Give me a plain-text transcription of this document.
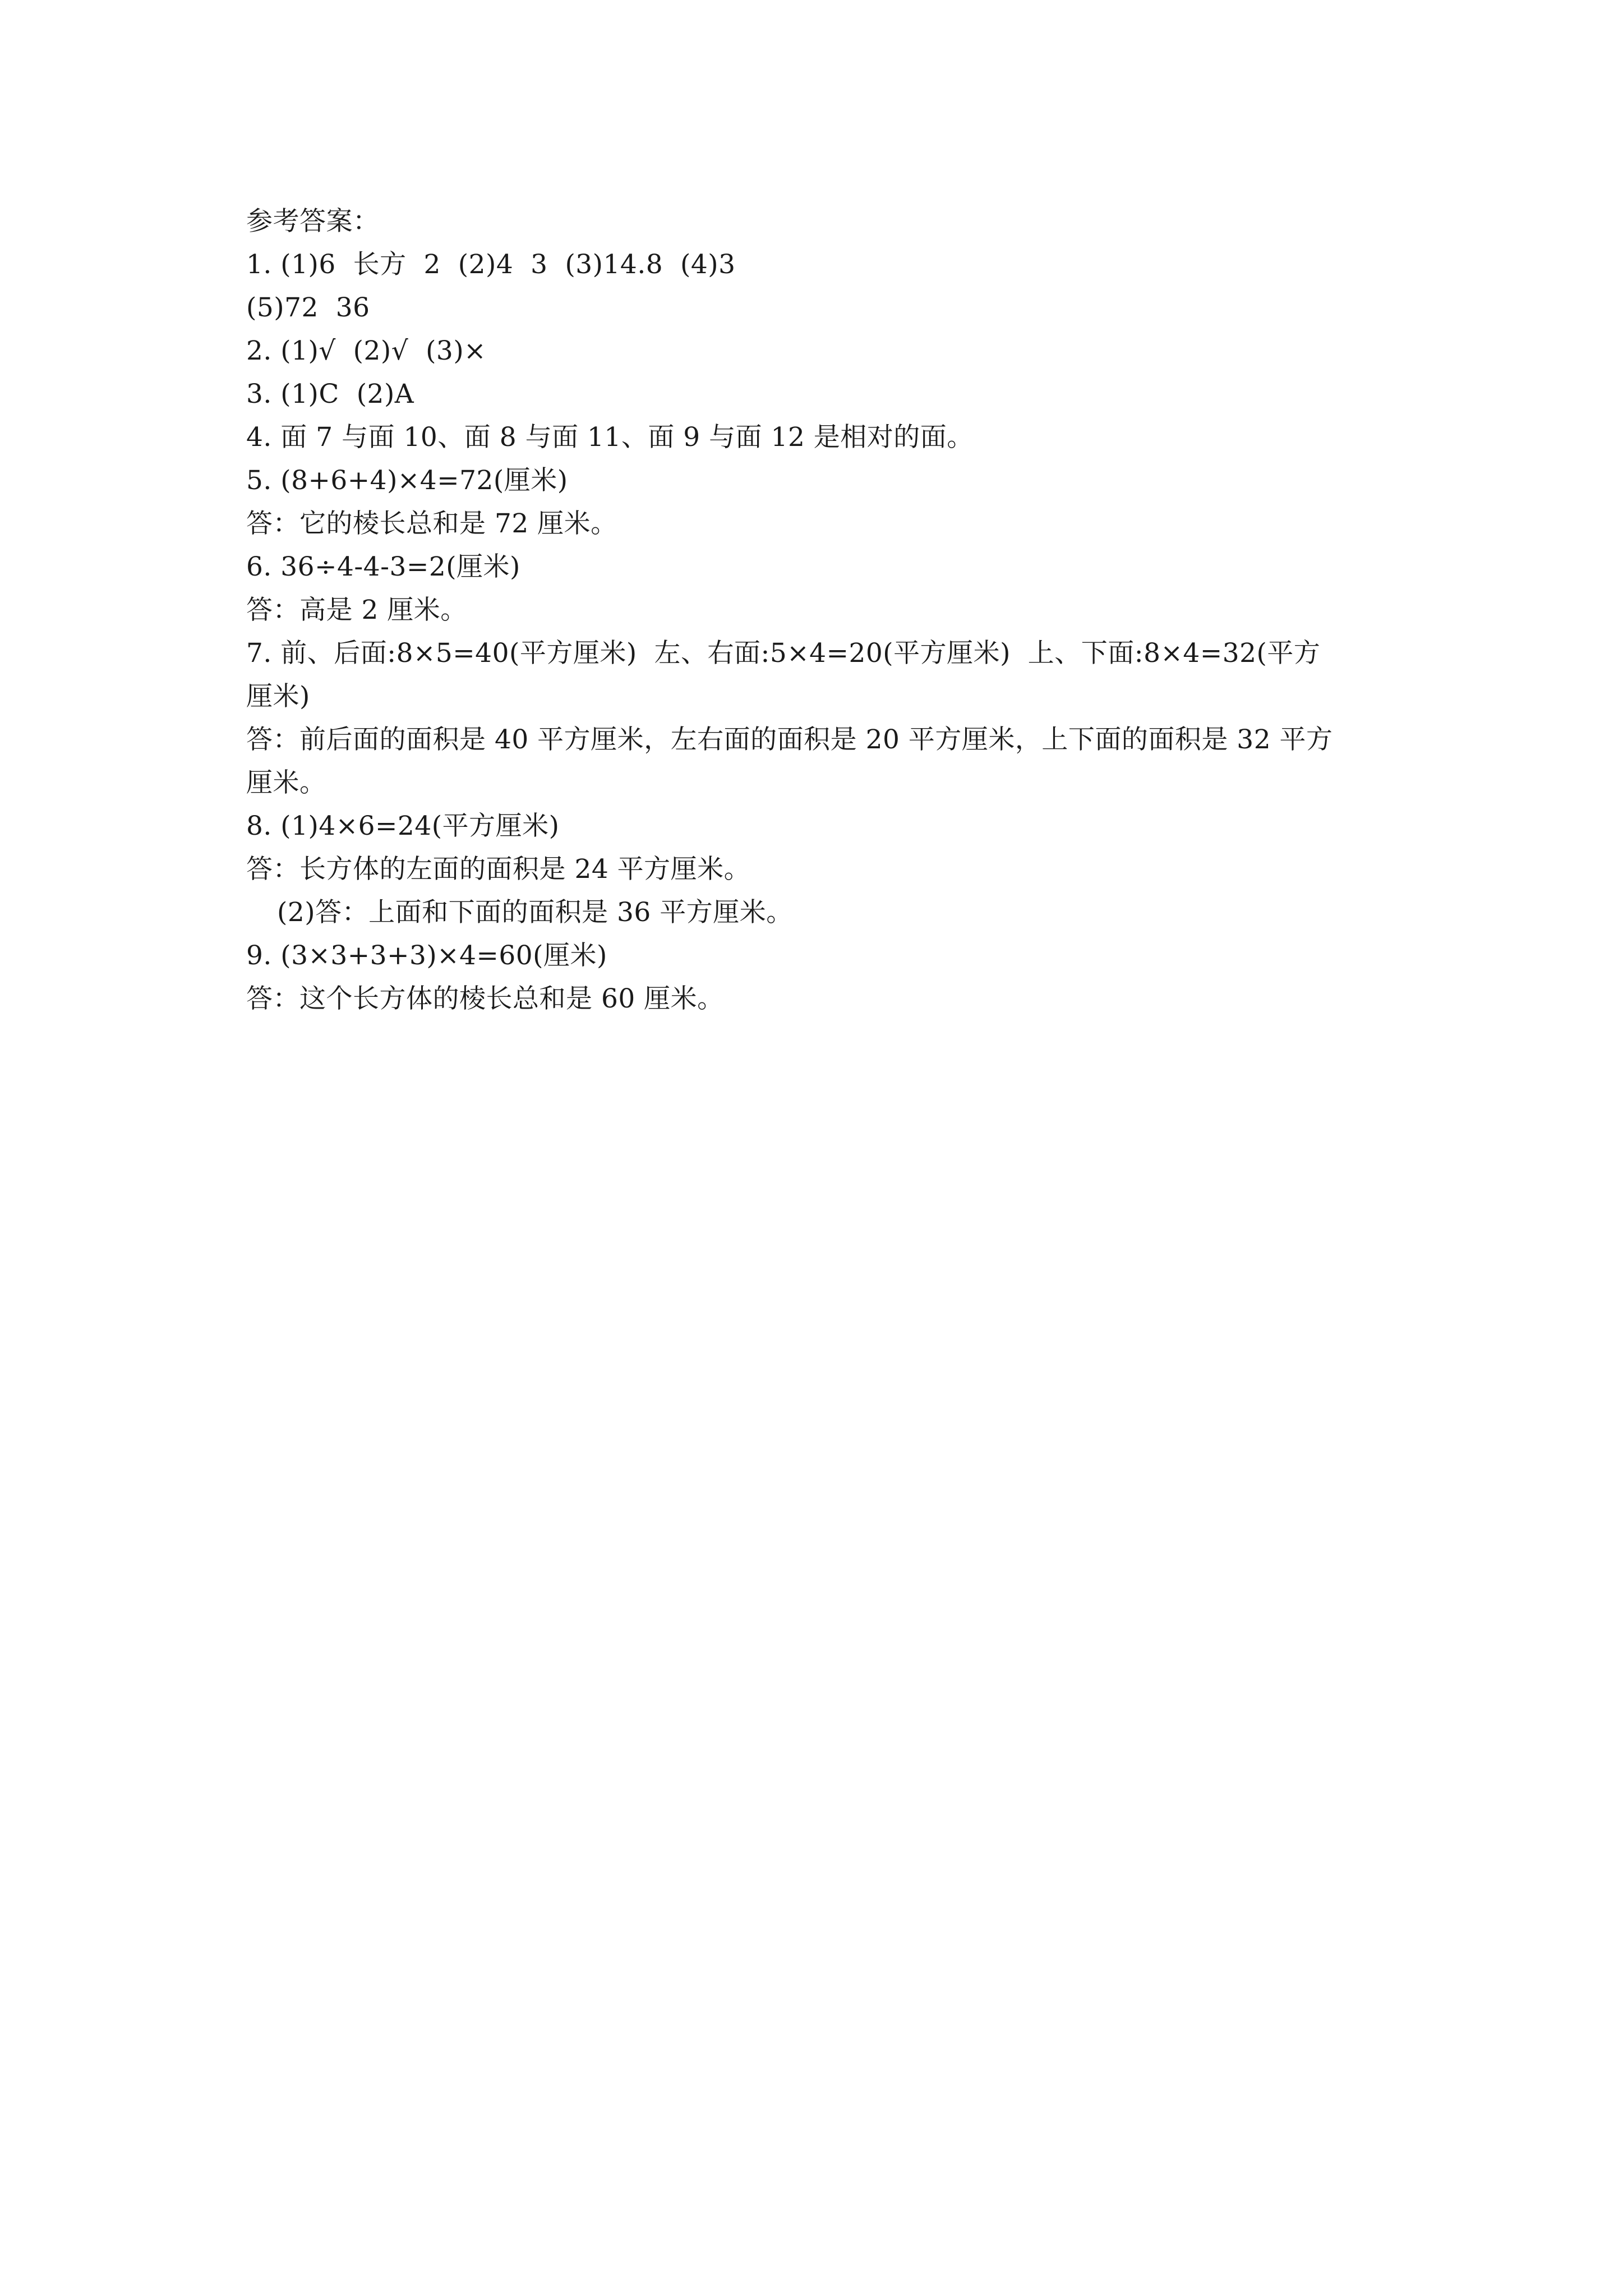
参考答案：
1. (1)6  长方  2  (2)4  3  (3)14.8  (4)3
(5)72  36
2. (1)√  (2)√  (3)×
3. (1)C  (2)A
4. 面 7 与面 10、面 8 与面 11、面 9 与面 12 是相对的面。
5. (8+6+4)×4=72(厘米)
答：它的棱长总和是 72 厘米。
6. 36÷4-4-3=2(厘米)
答：高是 2 厘米。
7. 前、后面:8×5=40(平方厘米)  左、右面:5×4=20(平方厘米)  上、下面:8×4=32(平方
厘米)
答：前后面的面积是 40 平方厘米，左右面的面积是 20 平方厘米，上下面的面积是 32 平方
厘米。
8. (1)4×6=24(平方厘米)
答：长方体的左面的面积是 24 平方厘米。
(2)答：上面和下面的面积是 36 平方厘米。
9. (3×3+3+3)×4=60(厘米)
答：这个长方体的棱长总和是 60 厘米。
